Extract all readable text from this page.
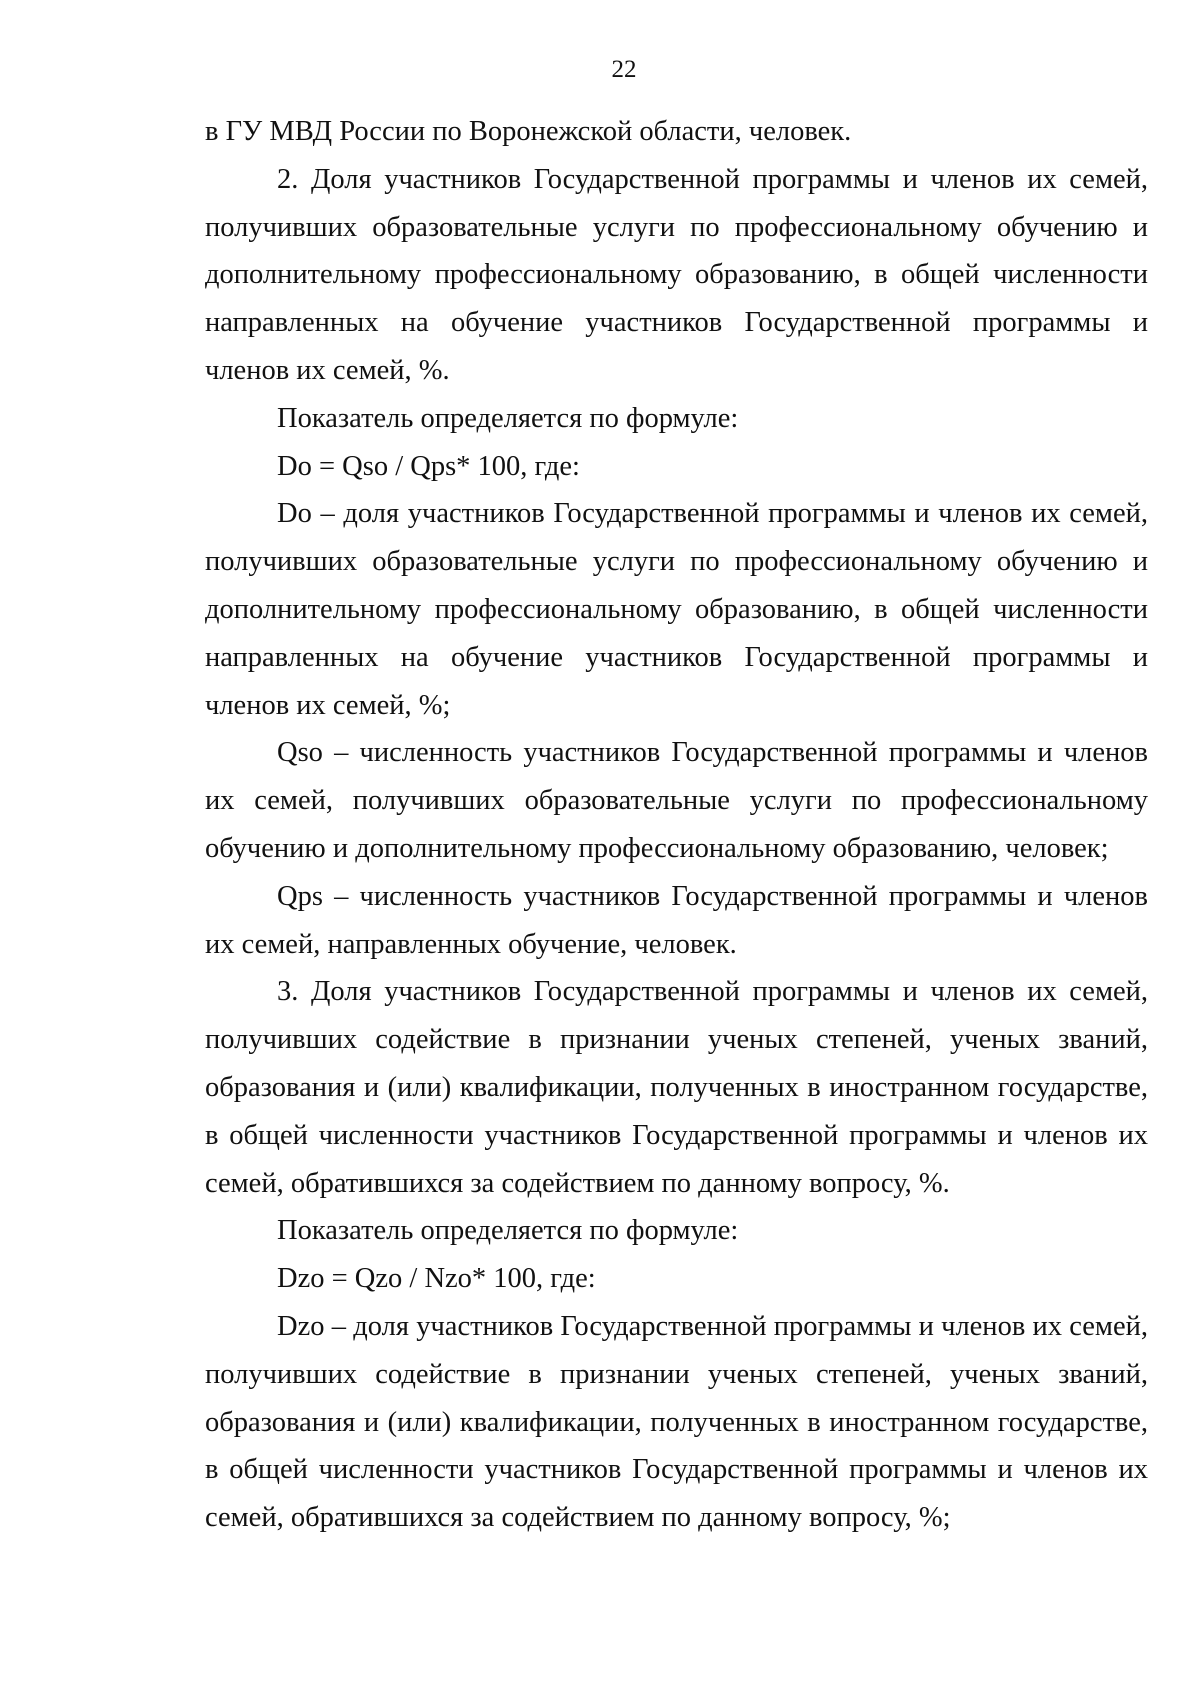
22

в ГУ МВД России по Воронежской области, человек.

2. Доля участников Государственной программы и членов их семей, получивших образовательные услуги по профессиональному обучению и дополнительному профессиональному образованию, в общей численности направленных на обучение участников Государственной программы и членов их семей, %.

Показатель определяется по формуле:

Do = Qso / Qps* 100, где:

Do – доля участников Государственной программы и членов их семей, получивших образовательные услуги по профессиональному обучению и дополнительному профессиональному образованию, в общей численности направленных на обучение участников Государственной программы и членов их семей, %;

Qso – численность участников Государственной программы и членов их семей, получивших образовательные услуги по профессиональному обучению и дополнительному профессиональному образованию, человек;

Qps – численность участников Государственной программы и членов их семей, направленных обучение, человек.

3. Доля участников Государственной программы и членов их семей, получивших содействие в признании ученых степеней, ученых званий, образования и (или) квалификации, полученных в иностранном государстве, в общей численности участников Государственной программы и членов их семей, обратившихся за содействием по данному вопросу, %.

Показатель определяется по формуле:

Dzo = Qzo / Nzo* 100, где:

Dzo – доля участников Государственной программы и членов их семей, получивших содействие в признании ученых степеней, ученых званий, образования и (или) квалификации, полученных в иностранном государстве, в общей численности участников Государственной программы и членов их семей, обратившихся за содействием по данному вопросу, %;
